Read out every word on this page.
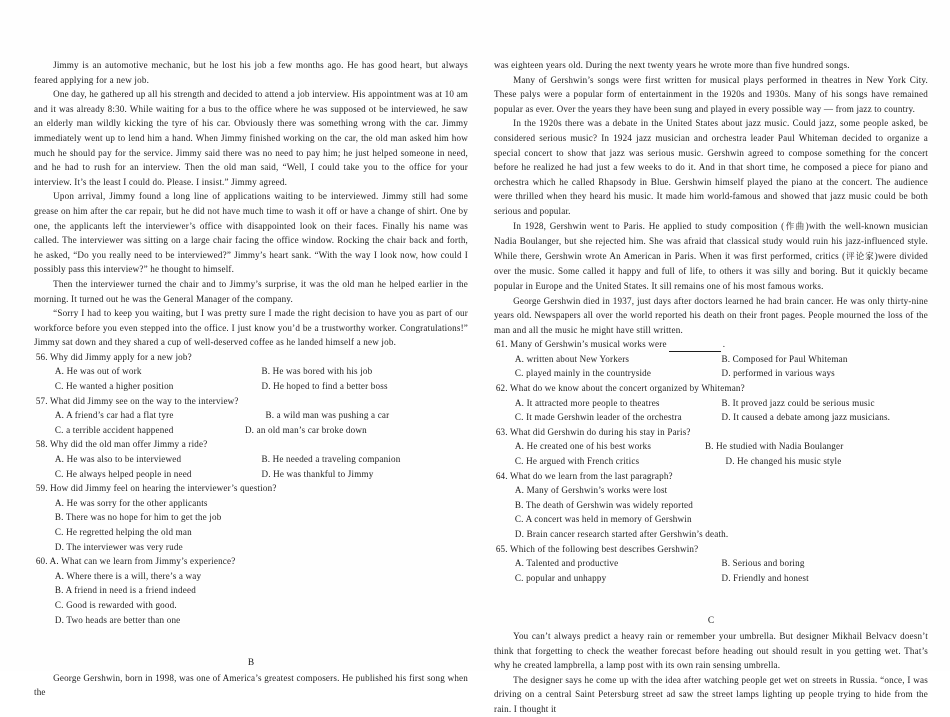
Jimmy is an automotive mechanic, but he lost his job a few months ago. He has good heart, but always feared applying for a new job.

One day, he gathered up all his strength and decided to attend a job interview. His appointment was at 10 am and it was already 8:30. While waiting for a bus to the office where he was supposed ot be interviewed, he saw an elderly man wildly kicking the tyre of his car. Obviously there was something wrong with the car. Jimmy immediately went up to lend him a hand. When Jimmy finished working on the car, the old man asked him how much he should pay for the service. Jimmy said there was no need to pay him; he just helped someone in need, and he had to rush for an interview. Then the old man said, “Well, I could take you to the office for your interview. It’s the least I could do. Please. I insist.” Jimmy agreed.

Upon arrival, Jimmy found a long line of applications waiting to be interviewed. Jimmy still had some grease on him after the car repair, but he did not have much time to wash it off or have a change of shirt. One by one, the applicants left the interviewer’s office with disappointed look on their faces. Finally his name was called. The interviewer was sitting on a large chair facing the office window. Rocking the chair back and forth, he asked, “Do you really need to be interviewed?” Jimmy’s heart sank. “With the way I look now, how could I possibly pass this interview?” he thought to himself.

Then the interviewer turned the chair and to Jimmy’s surprise, it was the old man he helped earlier in the morning. It turned out he was the General Manager of the company.

“Sorry I had to keep you waiting, but I was pretty sure I made the right decision to have you as part of our workforce before you even stepped into the office. I just know you’d be a trustworthy worker. Congratulations!” Jimmy sat down and they shared a cup of well-deserved coffee as he landed himself a new job.

56. Why did Jimmy apply for a new job?
A. He was out of work	B. He was bored with his job
C. He wanted a higher position	D. He hoped to find a better boss
57. What did Jimmy see on the way to the interview?
A. A friend’s car had a flat tyre	B. a wild man was pushing a car
C. a terrible accident happened	D. an old man’s car broke down
58. Why did the old man offer Jimmy a ride?
A. He was also to be interviewed	B. He needed a traveling companion
C. He always helped people in need	D. He was thankful to Jimmy
59. How did Jimmy feel on hearing the interviewer’s question?
A. He was sorry for the other applicants
B. There was no hope for him to get the job
C. He regretted helping the old man
D. The interviewer was very rude
60. A. What can we learn from Jimmy’s experience?
A. Where there is a will, there’s a way
B. A friend in need is a friend indeed
C. Good is rewarded with good.
D. Two heads are better than one
B

George Gershwin, born in 1998, was one of America’s greatest composers. He published his first song when the

was eighteen years old. During the next twenty years he wrote more than five hundred songs.

Many of Gershwin’s songs were first written for musical plays performed in theatres in New York City. These palys were a popular form of entertainment in the 1920s and 1930s. Many of his songs have remained popular as ever. Over the years they have been sung and played in every possible way — from jazz to country.

In the 1920s there was a debate in the United States about jazz music. Could jazz, some people asked, be considered serious music? In 1924 jazz musician and orchestra leader Paul Whiteman decided to organize a special concert to show that jazz was serious music. Gershwin agreed to compose something for the concert before he realized he had just a few weeks to do it. And in that short time, he composed a piece for piano and orchestra which he called Rhapsody in Blue. Gershwin himself played the piano at the concert. The audience were thrilled when they heard his music. It made him world-famous and showed that jazz music could be both serious and popular.

In 1928, Gershwin went to Paris. He applied to study composition (作曲)with the well-known musician Nadia Boulanger, but she rejected him. She was afraid that classical study would ruin his jazz-influenced style. While there, Gershwin wrote An American in Paris. When it was first performed, critics (评论家)were divided over the music. Some called it happy and full of life, to others it was silly and boring. But it quickly became popular in Europe and the United States. It sill remains one of his most famous works.

George Gershwin died in 1937, just days after doctors learned he had brain cancer. He was only thirty-nine years old. Newspapers all over the world reported his death on their front pages. People mourned the loss of the man and all the music he might have still written.

61. Many of Gershwin’s musical works were	.
A. written about New Yorkers	B. Composed for Paul Whiteman
C. played mainly in the countryside	D. performed in various ways
62. What do we know about the concert organized by Whiteman?
A. It attracted more people to theatres	B. It proved jazz could be serious music
C. It made Gershwin leader of the orchestra	D. It caused a debate among jazz musicians.
63. What did Gershwin do during his stay in Paris?
A. He created one of his best works	B. He studied with Nadia Boulanger
C. He argued with French critics	D. He changed his music style
64. What do we learn from the last paragraph?
A. Many of Gershwin’s works were lost
B. The death of Gershwin was widely reported
C. A concert was held in memory of Gershwin
D. Brain cancer research started after Gershwin’s death.
65. Which of the following best describes Gershwin?
A. Talented and productive	B. Serious and boring
C. popular and unhappy	D. Friendly and honest
C

You can’t always predict a heavy rain or remember your umbrella. But designer Mikhail Belvacv doesn’t think that forgetting to check the weather forecast before heading out should result in you getting wet. That’s why he created lampbrella, a lamp post with its own rain sensing umbrella.

The designer says he come up with the idea after watching people get wet on streets in Russia. “once, I was driving on a central Saint Petersburg street ad saw the street lamps lighting up people trying to hide from the rain. I thought it
